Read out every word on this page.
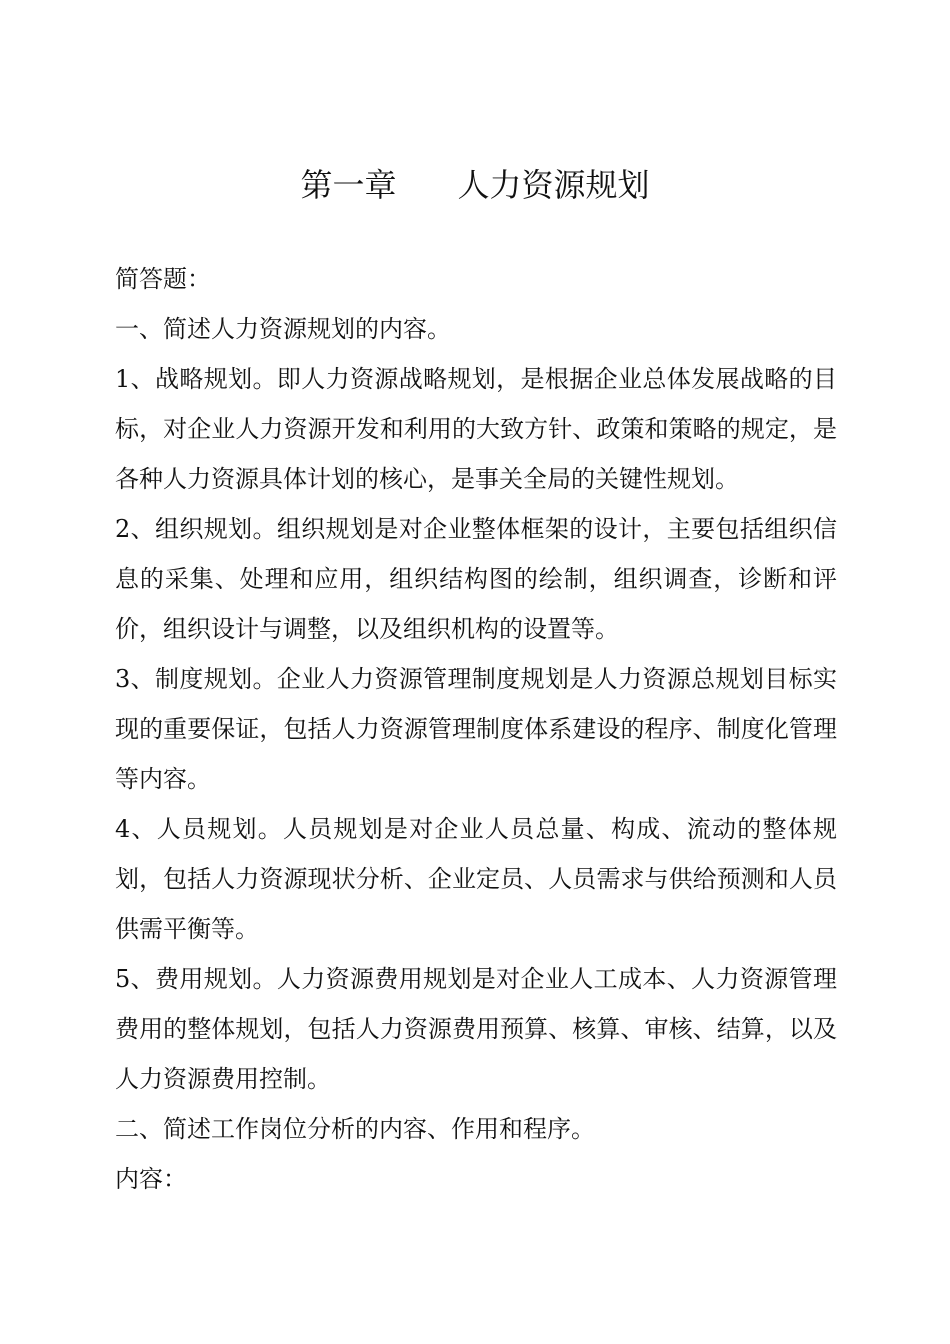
第一章      人力资源规划

简答题：

一、简述人力资源规划的内容。

1、战略规划。即人力资源战略规划，是根据企业总体发展战略的目标，对企业人力资源开发和利用的大致方针、政策和策略的规定，是各种人力资源具体计划的核心，是事关全局的关键性规划。

2、组织规划。组织规划是对企业整体框架的设计，主要包括组织信息的采集、处理和应用，组织结构图的绘制，组织调查，诊断和评价，组织设计与调整，以及组织机构的设置等。

3、制度规划。企业人力资源管理制度规划是人力资源总规划目标实现的重要保证，包括人力资源管理制度体系建设的程序、制度化管理等内容。

4、人员规划。人员规划是对企业人员总量、构成、流动的整体规划，包括人力资源现状分析、企业定员、人员需求与供给预测和人员供需平衡等。

5、费用规划。人力资源费用规划是对企业人工成本、人力资源管理费用的整体规划，包括人力资源费用预算、核算、审核、结算，以及人力资源费用控制。

二、简述工作岗位分析的内容、作用和程序。

内容：
